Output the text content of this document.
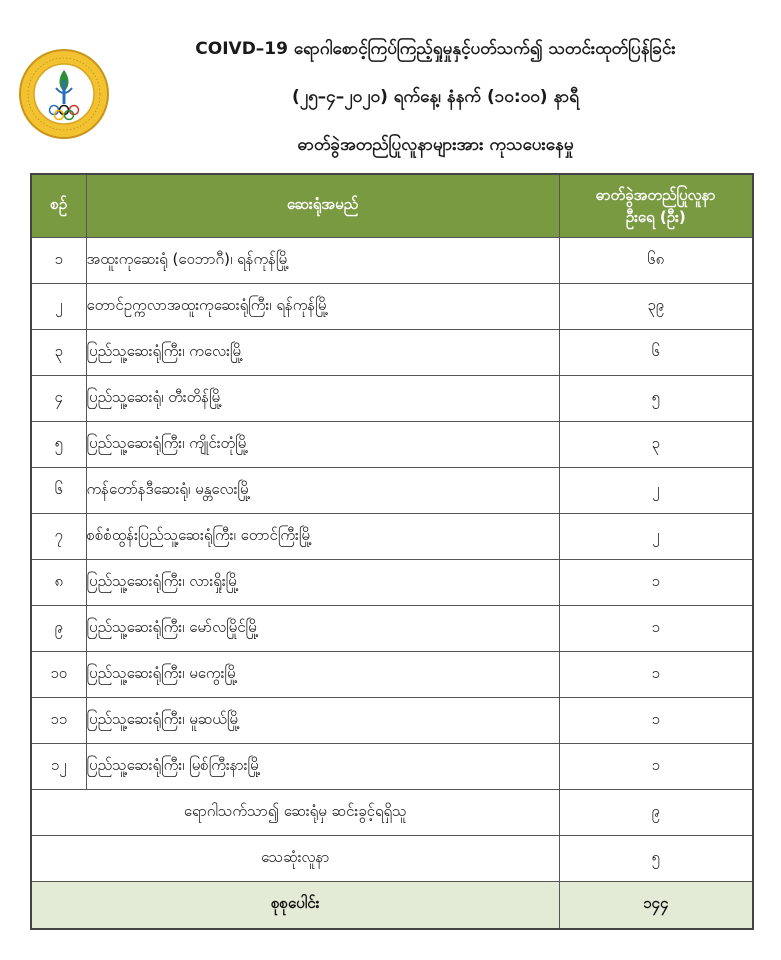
COIVD–19 ရောဂါစောင့်ကြပ်ကြည့်ရှုမှုနှင့်ပတ်သက်၍ သတင်းထုတ်ပြန်ခြင်း
(၂၅–၄–၂၀၂၀) ရက်နေ့၊ နံနက် (၁၀:၀၀) နာရီ
ဓာတ်ခွဲအတည်ပြုလူနာများအား ကုသပေးနေမှု
စဉ်	ဆေးရုံအမည်	ဓာတ်ခွဲအတည်ပြုလူနာ
ဦးရေ (ဦး)

၁	အထူးကုဆေးရုံ (ဝေဘာဂီ)၊ ရန်ကုန်မြို့	၆၈
၂	တောင်ဥက္ကလာအထူးကုဆေးရုံကြီး၊ ရန်ကုန်မြို့	၃၉
၃	ပြည်သူ့ဆေးရုံကြီး၊ ကလေးမြို့	၆
၄	ပြည်သူ့ဆေးရုံ၊ တီးတိန်မြို့	၅
၅	ပြည်သူ့ဆေးရုံကြီး၊ ကျိုင်းတုံမြို့	၃
၆	ကန်တော်နဒီဆေးရုံ၊ မန္တလေးမြို့	၂
၇	စစ်စံထွန်းပြည်သူ့ဆေးရုံကြီး၊ တောင်ကြီးမြို့	၂
၈	ပြည်သူ့ဆေးရုံကြီး၊ လားရှိုးမြို့	၁
၉	ပြည်သူ့ဆေးရုံကြီး၊ မော်လမြိုင်မြို့	၁
၁၀	ပြည်သူ့ဆေးရုံကြီး၊ မကွေးမြို့	၁
၁၁	ပြည်သူ့ဆေးရုံကြီး၊ မူဆယ်မြို့	၁
၁၂	ပြည်သူ့ဆေးရုံကြီး၊ မြစ်ကြီးနားမြို့	၁
ရောဂါသက်သာ၍ ဆေးရုံမှ ဆင်းခွင့်ရရှိသူ		၉
သေဆုံးလူနာ		၅
စုစုပေါင်း		၁၄၄
